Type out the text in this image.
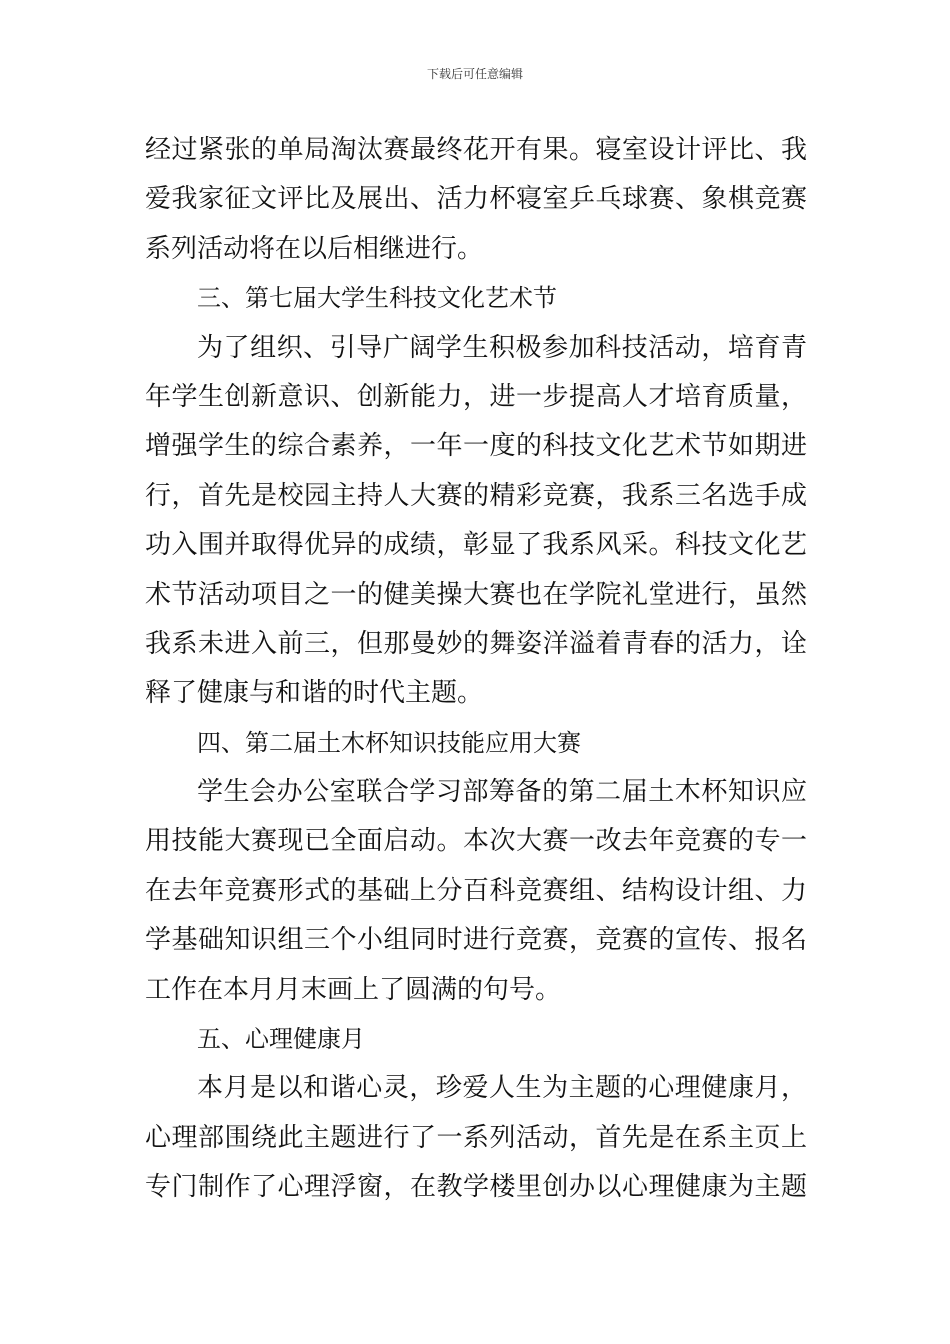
下载后可任意编辑
经过紧张的单局淘汰赛最终花开有果。寝室设计评比、我
爱我家征文评比及展出、活力杯寝室乒乓球赛、象棋竞赛
系列活动将在以后相继进行。
三、第七届大学生科技文化艺术节
为了组织、引导广阔学生积极参加科技活动，培育青
年学生创新意识、创新能力，进一步提高人才培育质量，
增强学生的综合素养，一年一度的科技文化艺术节如期进
行，首先是校园主持人大赛的精彩竞赛，我系三名选手成
功入围并取得优异的成绩，彰显了我系风采。科技文化艺
术节活动项目之一的健美操大赛也在学院礼堂进行，虽然
我系未进入前三，但那曼妙的舞姿洋溢着青春的活力，诠
释了健康与和谐的时代主题。
四、第二届土木杯知识技能应用大赛
学生会办公室联合学习部筹备的第二届土木杯知识应
用技能大赛现已全面启动。本次大赛一改去年竞赛的专一
在去年竞赛形式的基础上分百科竞赛组、结构设计组、力
学基础知识组三个小组同时进行竞赛，竞赛的宣传、报名
工作在本月月末画上了圆满的句号。
五、心理健康月
本月是以和谐心灵，珍爱人生为主题的心理健康月，
心理部围绕此主题进行了一系列活动，首先是在系主页上
专门制作了心理浮窗，在教学楼里创办以心理健康为主题
